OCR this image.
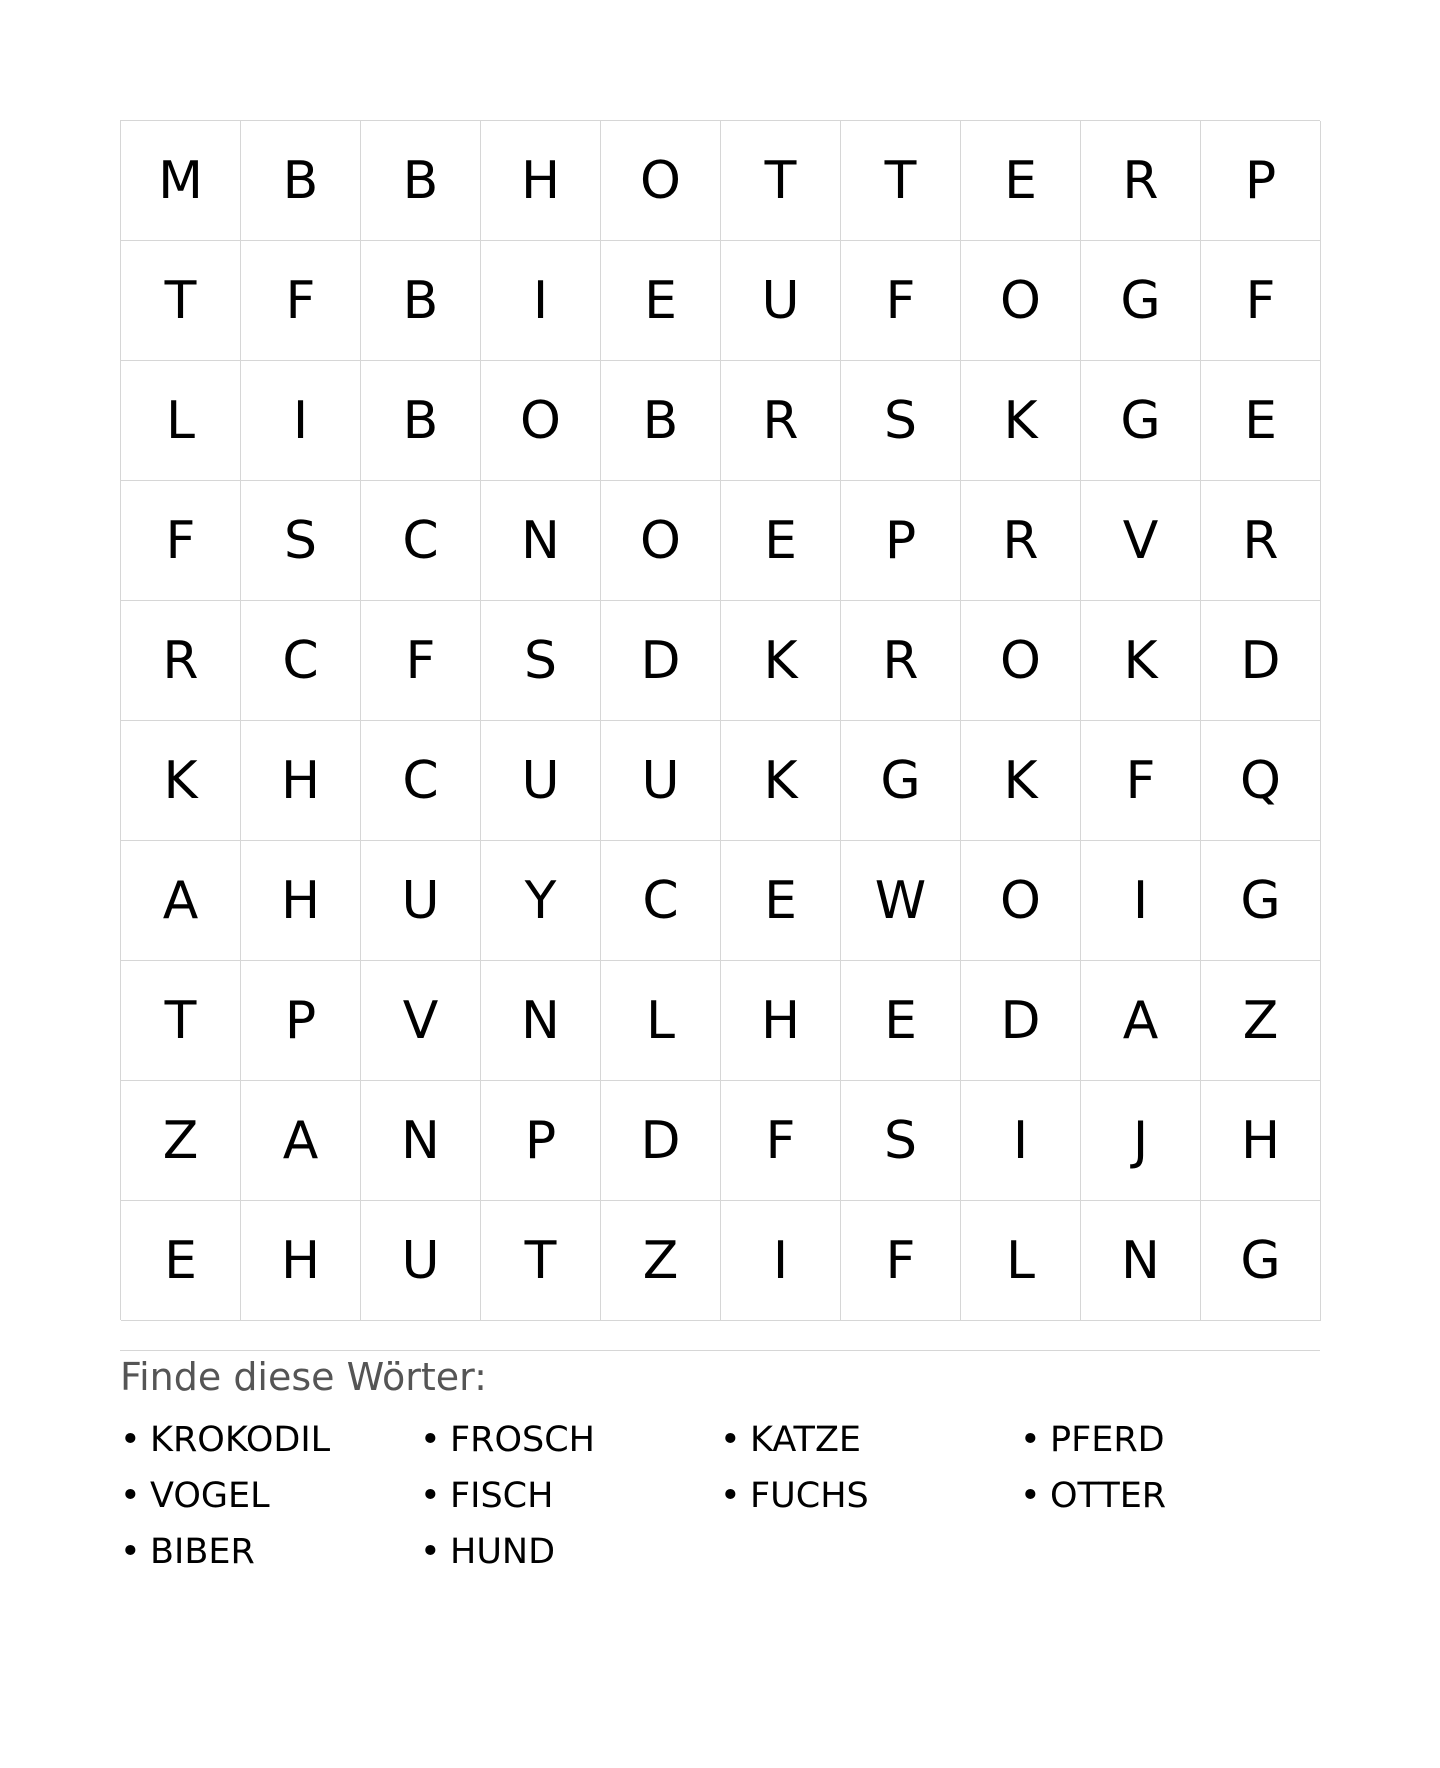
M	B	B	H	O	T	T	E	R	P
T	F	B	I	E	U	F	O	G	F
L	I	B	O	B	R	S	K	G	E
F	S	C	N	O	E	P	R	V	R
R	C	F	S	D	K	R	O	K	D
K	H	C	U	U	K	G	K	F	Q
A	H	U	Y	C	E	W	O	I	G
T	P	V	N	L	H	E	D	A	Z
Z	A	N	P	D	F	S	I	J	H
E	H	U	T	Z	I	F	L	N	G
Finde diese Wörter:
• KROKODIL	• FROSCH	• KATZE	• PFERD
• VOGEL	• FISCH	• FUCHS	• OTTER
• BIBER	• HUND
